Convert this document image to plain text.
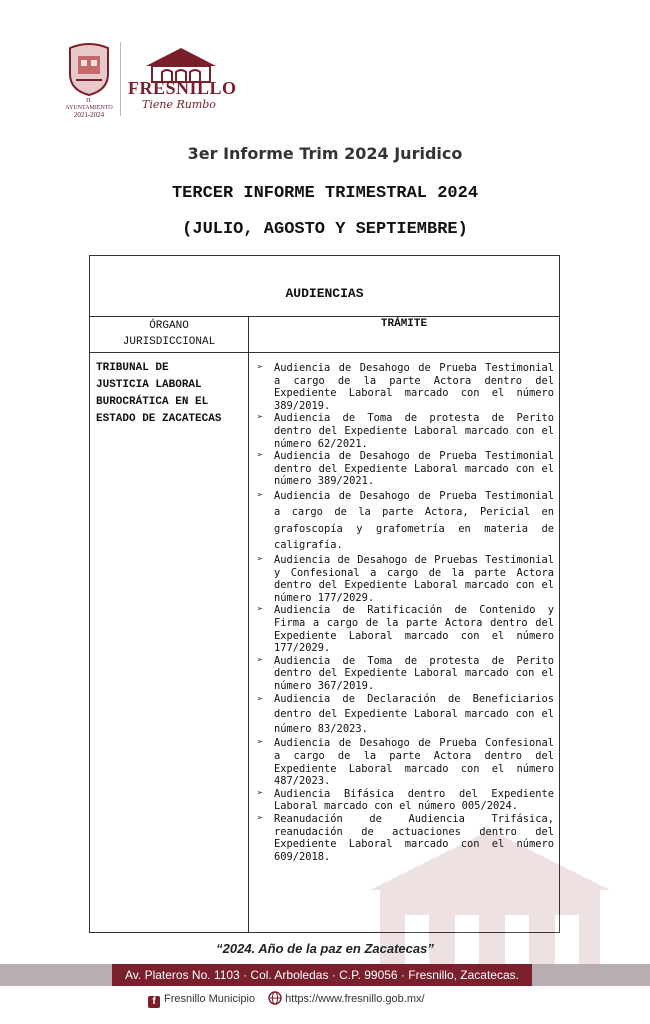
H. AYUNTAMIENTO
2021-2024
FRESNILLO
Tiene Rumbo
3er Informe Trim 2024 Juridico
TERCER INFORME TRIMESTRAL 2024
(JULIO, AGOSTO Y SEPTIEMBRE)
AUDIENCIAS
ÓRGANO
JURISDICCIONAL
TRÁMITE
TRIBUNAL DE
JUSTICIA LABORAL
BUROCRÁTICA EN EL
ESTADO DE ZACATECAS
➢ Audiencia de Desahogo de Prueba Testimonial a cargo de la parte Actora dentro del Expediente Laboral marcado con el número 389/2019.
➢ Audiencia de Toma de protesta de Perito dentro del Expediente Laboral marcado con el número 62/2021.
➢ Audiencia de Desahogo de Prueba Testimonial dentro del Expediente Laboral marcado con el número 389/2021.
➢ Audiencia de Desahogo de Prueba Testimonial a cargo de la parte Actora, Pericial en grafoscopía y grafometría en materia de caligrafía.
➢ Audiencia de Desahogo de Pruebas Testimonial y Confesional a cargo de la parte Actora dentro del Expediente Laboral marcado con el número 177/2029.
➢ Audiencia de Ratificación de Contenido y Firma a cargo de la parte Actora dentro del Expediente Laboral marcado con el número 177/2029.
➢ Audiencia de Toma de protesta de Perito dentro del Expediente Laboral marcado con el número 367/2019.
➢ Audiencia de Declaración de Beneficiarios dentro del Expediente Laboral marcado con el número 83/2023.
➢ Audiencia de Desahogo de Prueba Confesional a cargo de la parte Actora dentro del Expediente Laboral marcado con el número 487/2023.
➢ Audiencia Bifásica dentro del Expediente Laboral marcado con el número 005/2024.
➢ Reanudación de Audiencia Trifásica, reanudación de actuaciones dentro del Expediente Laboral marcado con el número 609/2018.
“2024. Año de la paz en Zacatecas”
Av. Plateros No. 1103 · Col. Arboledas · C.P. 99056 · Fresnillo, Zacatecas.
f Fresnillo Municipio	https://www.fresnillo.gob.mx/
